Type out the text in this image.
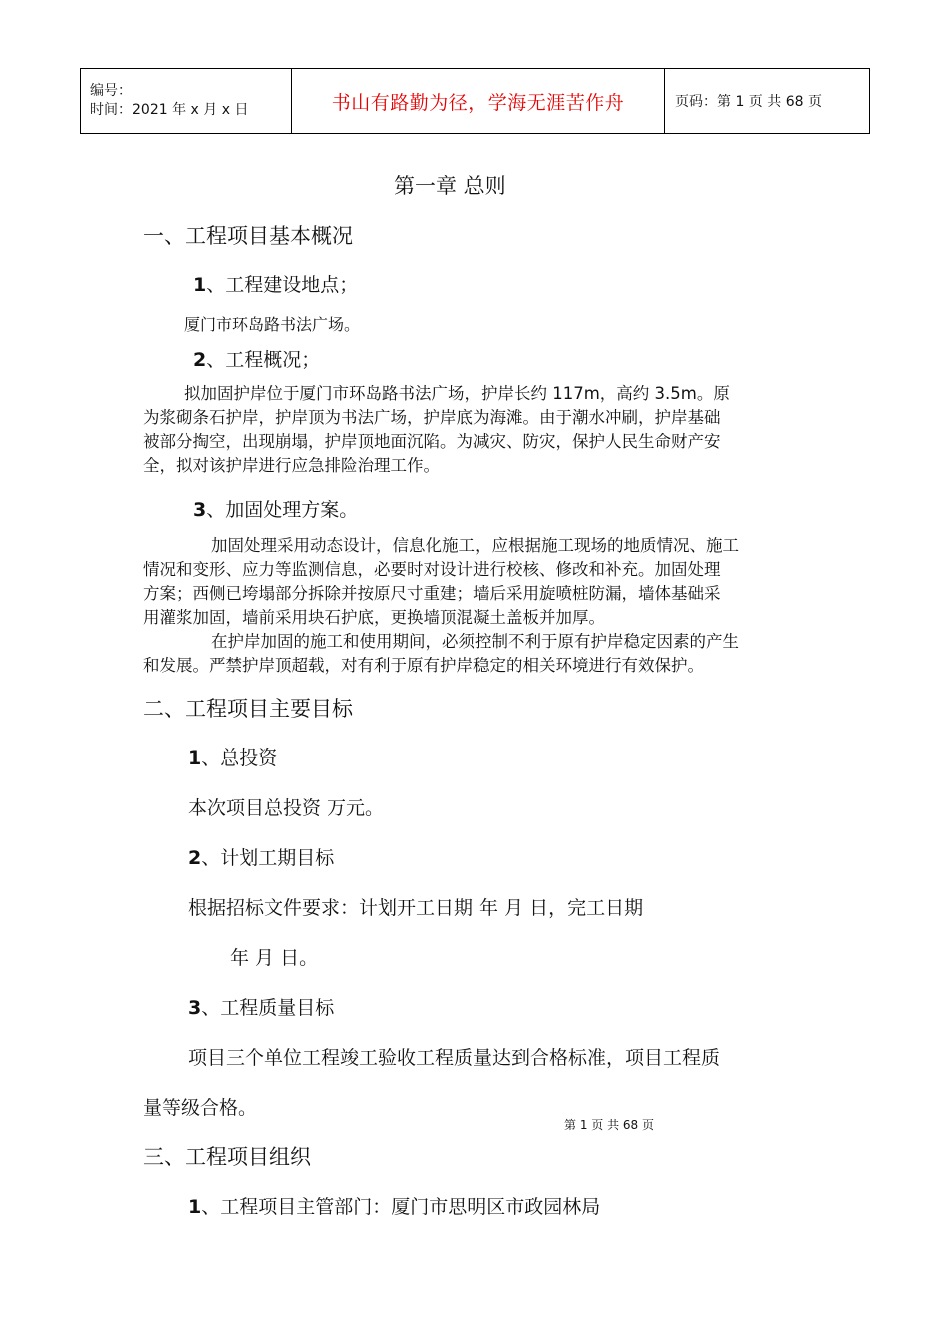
编号：
时间：2021 年 x 月 x 日	书山有路勤为径，学海无涯苦作舟	页码：第 1 页 共 68 页
第一章 总则
一、工程项目基本概况
1、工程建设地点；
厦门市环岛路书法广场。
2、工程概况；
拟加固护岸位于厦门市环岛路书法广场，护岸长约 117m，高约 3.5m。原
为浆砌条石护岸，护岸顶为书法广场，护岸底为海滩。由于潮水冲刷，护岸基础
被部分掏空，出现崩塌，护岸顶地面沉陷。为减灾、防灾，保护人民生命财产安
全，拟对该护岸进行应急排险治理工作。
3、加固处理方案。
加固处理采用动态设计，信息化施工，应根据施工现场的地质情况、施工
情况和变形、应力等监测信息，必要时对设计进行校核、修改和补充。加固处理
方案；西侧已垮塌部分拆除并按原尺寸重建；墙后采用旋喷桩防漏，墙体基础采
用灌浆加固，墙前采用块石护底，更换墙顶混凝土盖板并加厚。
在护岸加固的施工和使用期间，必须控制不利于原有护岸稳定因素的产生
和发展。严禁护岸顶超载，对有利于原有护岸稳定的相关环境进行有效保护。
二、工程项目主要目标
1、总投资
本次项目总投资 万元。
2、计划工期目标
根据招标文件要求：计划开工日期 年 月 日，完工日期
年 月 日。
3、工程质量目标
项目三个单位工程竣工验收工程质量达到合格标准，项目工程质
量等级合格。
第 1 页 共 68 页
三、工程项目组织
1、工程项目主管部门：厦门市思明区市政园林局
